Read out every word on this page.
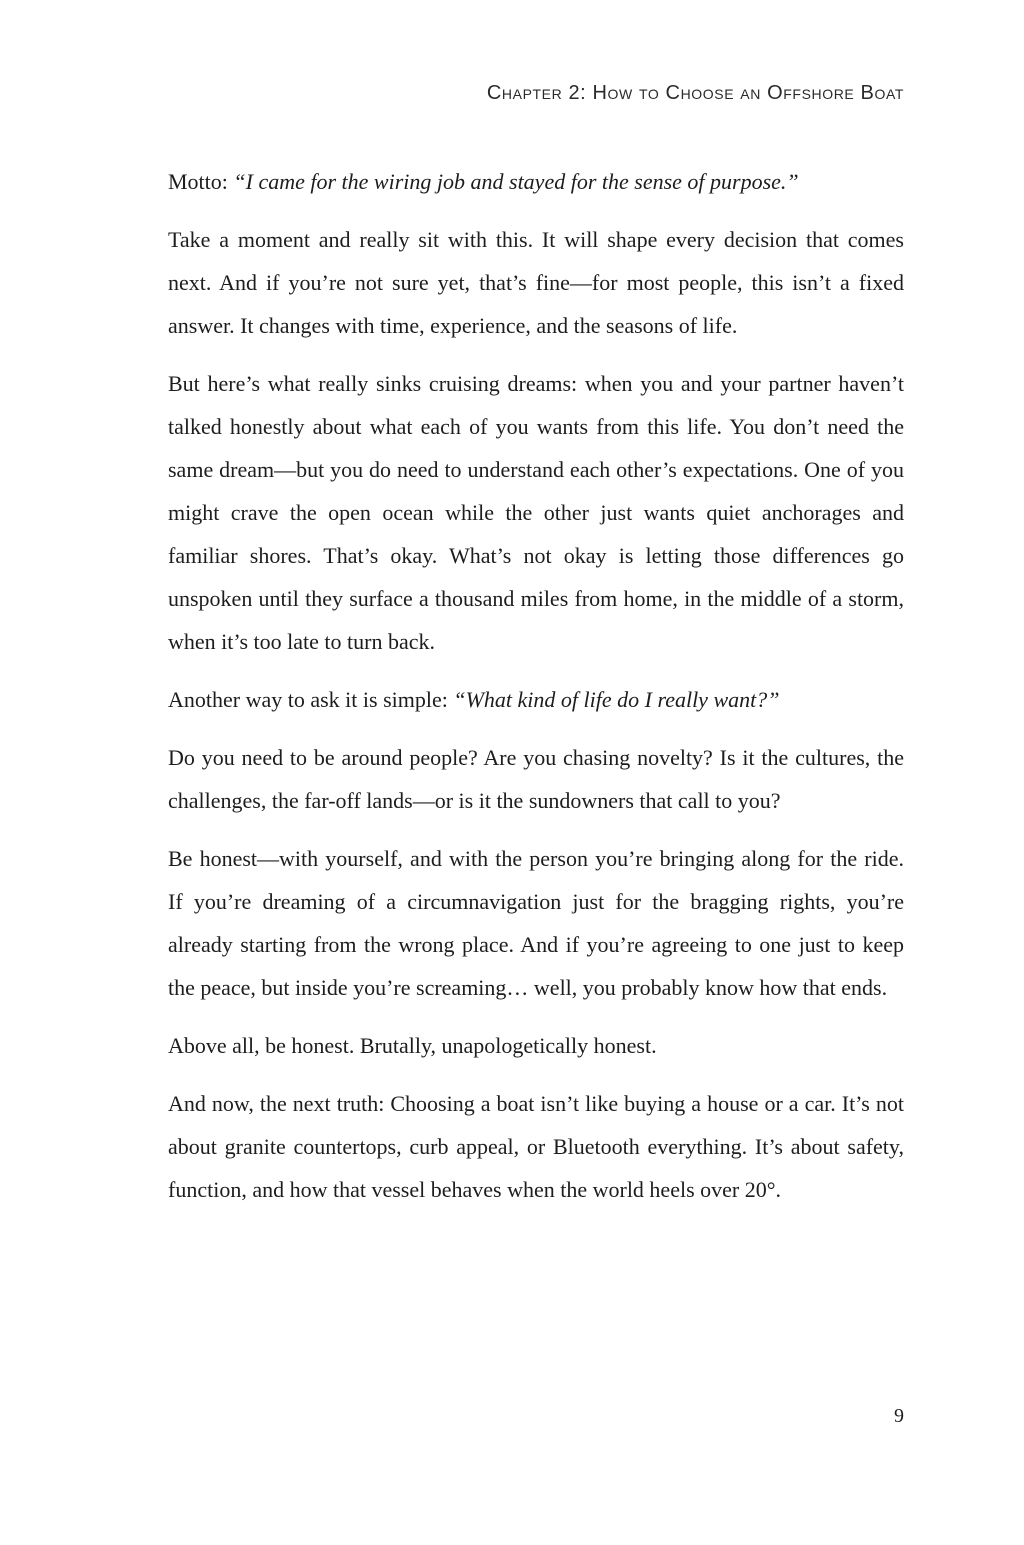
Chapter 2: How to Choose an Offshore Boat

Motto: “I came for the wiring job and stayed for the sense of purpose.”

Take a moment and really sit with this. It will shape every decision that comes next. And if you’re not sure yet, that’s fine—for most people, this isn’t a fixed answer. It changes with time, experience, and the seasons of life.

But here’s what really sinks cruising dreams: when you and your partner haven’t talked honestly about what each of you wants from this life. You don’t need the same dream—but you do need to understand each other’s expectations. One of you might crave the open ocean while the other just wants quiet anchorages and familiar shores. That’s okay. What’s not okay is letting those differences go unspoken until they surface a thousand miles from home, in the middle of a storm, when it’s too late to turn back.

Another way to ask it is simple: “What kind of life do I really want?”

Do you need to be around people? Are you chasing novelty? Is it the cultures, the challenges, the far-off lands—or is it the sundowners that call to you?

Be honest—with yourself, and with the person you’re bringing along for the ride. If you’re dreaming of a circumnavigation just for the bragging rights, you’re already starting from the wrong place. And if you’re agreeing to one just to keep the peace, but inside you’re screaming… well, you probably know how that ends.

Above all, be honest. Brutally, unapologetically honest.

And now, the next truth: Choosing a boat isn’t like buying a house or a car. It’s not about granite countertops, curb appeal, or Bluetooth everything. It’s about safety, function, and how that vessel behaves when the world heels over 20°.

9
